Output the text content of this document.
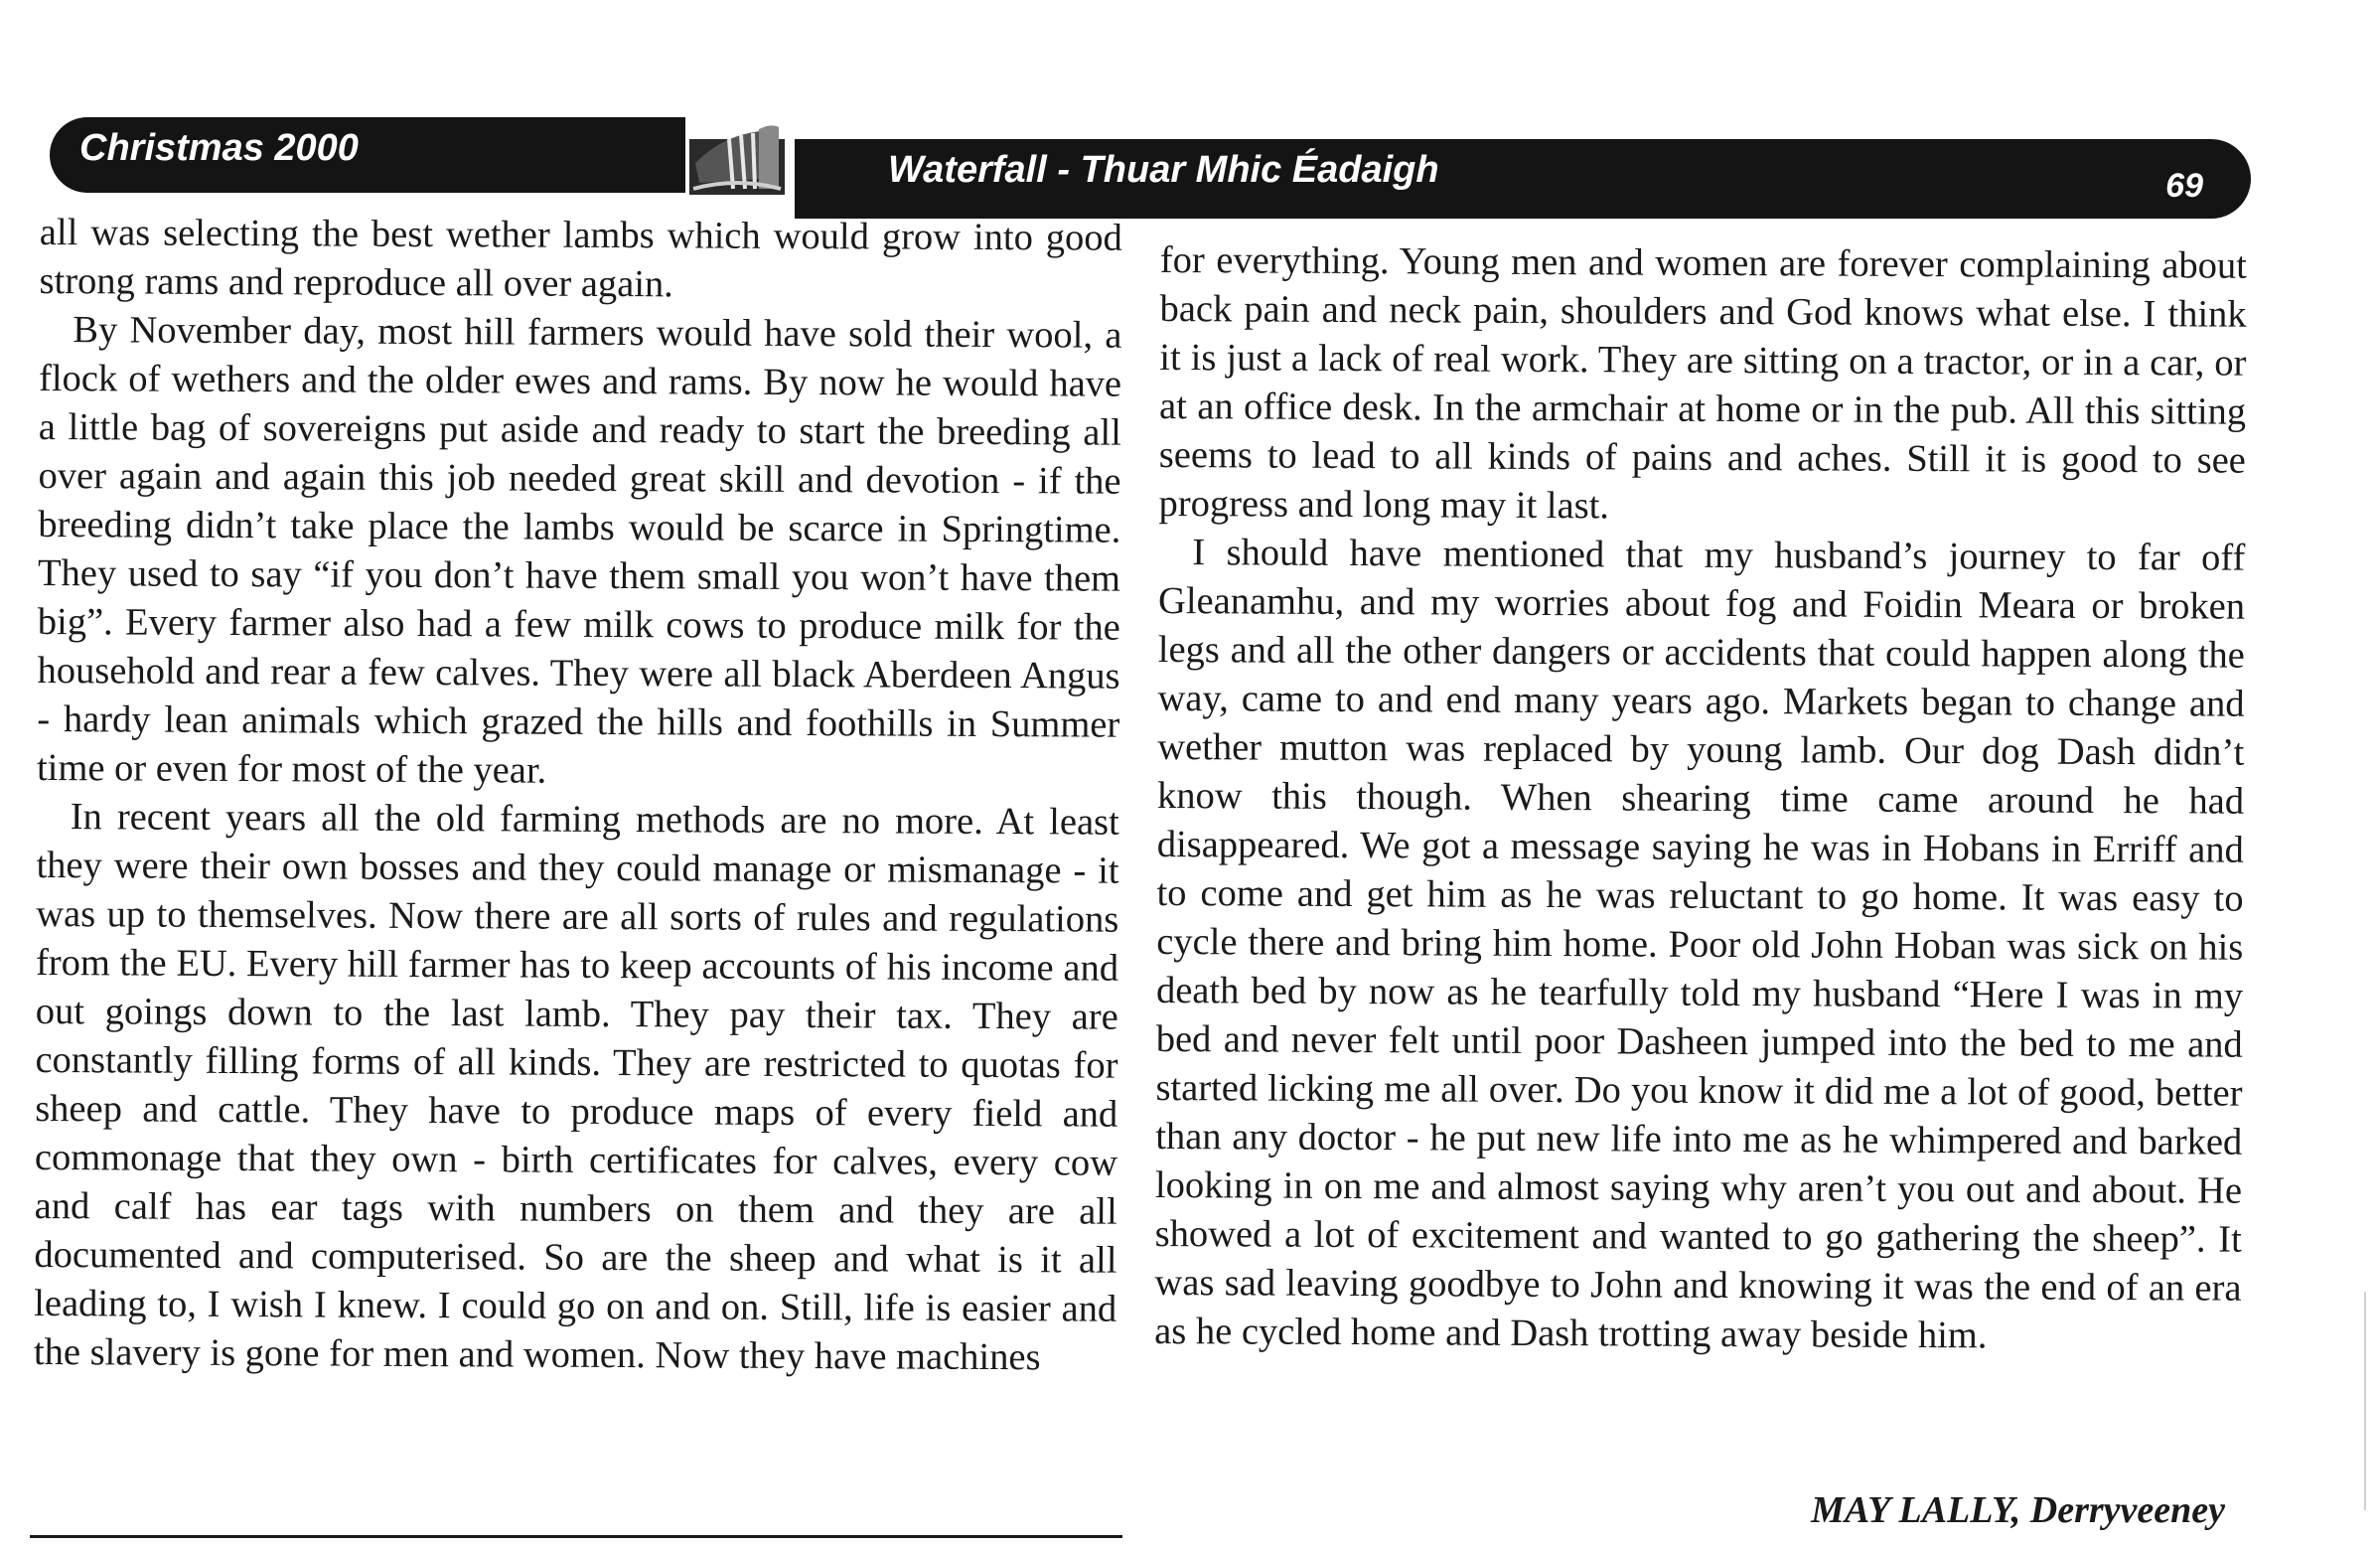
Christmas 2000
Waterfall - Thuar Mhic Éadaigh	69

all was selecting the best wether lambs which would grow into good strong rams and reproduce all over again.

By November day, most hill farmers would have sold their wool, a flock of wethers and the older ewes and rams. By now he would have a little bag of sovereigns put aside and ready to start the breeding all over again and again this job needed great skill and devotion - if the breeding didn’t take place the lambs would be scarce in Springtime. They used to say “if you don’t have them small you won’t have them big”. Every farmer also had a few milk cows to produce milk for the household and rear a few calves. They were all black Aberdeen Angus - hardy lean animals which grazed the hills and foothills in Summer time or even for most of the year.

In recent years all the old farming methods are no more. At least they were their own bosses and they could manage or mismanage - it was up to themselves. Now there are all sorts of rules and regulations from the EU. Every hill farmer has to keep accounts of his income and out goings down to the last lamb. They pay their tax. They are constantly filling forms of all kinds. They are restricted to quotas for sheep and cattle. They have to produce maps of every field and commonage that they own - birth certificates for calves, every cow and calf has ear tags with numbers on them and they are all documented and computerised. So are the sheep and what is it all leading to, I wish I knew. I could go on and on. Still, life is easier and the slavery is gone for men and women. Now they have machines

for everything. Young men and women are forever complaining about back pain and neck pain, shoulders and God knows what else. I think it is just a lack of real work. They are sitting on a tractor, or in a car, or at an office desk. In the armchair at home or in the pub. All this sitting seems to lead to all kinds of pains and aches. Still it is good to see progress and long may it last.

I should have mentioned that my husband’s journey to far off Gleanamhu, and my worries about fog and Foidin Meara or broken legs and all the other dangers or accidents that could happen along the way, came to and end many years ago. Markets began to change and wether mutton was replaced by young lamb. Our dog Dash didn’t know this though. When shearing time came around he had disappeared. We got a message saying he was in Hobans in Erriff and to come and get him as he was reluctant to go home. It was easy to cycle there and bring him home. Poor old John Hoban was sick on his death bed by now as he tearfully told my husband “Here I was in my bed and never felt until poor Dasheen jumped into the bed to me and started licking me all over. Do you know it did me a lot of good, better than any doctor - he put new life into me as he whimpered and barked looking in on me and almost saying why aren’t you out and about. He showed a lot of excitement and wanted to go gathering the sheep”. It was sad leaving goodbye to John and knowing it was the end of an era as he cycled home and Dash trotting away beside him.

MAY LALLY, Derryveeney
